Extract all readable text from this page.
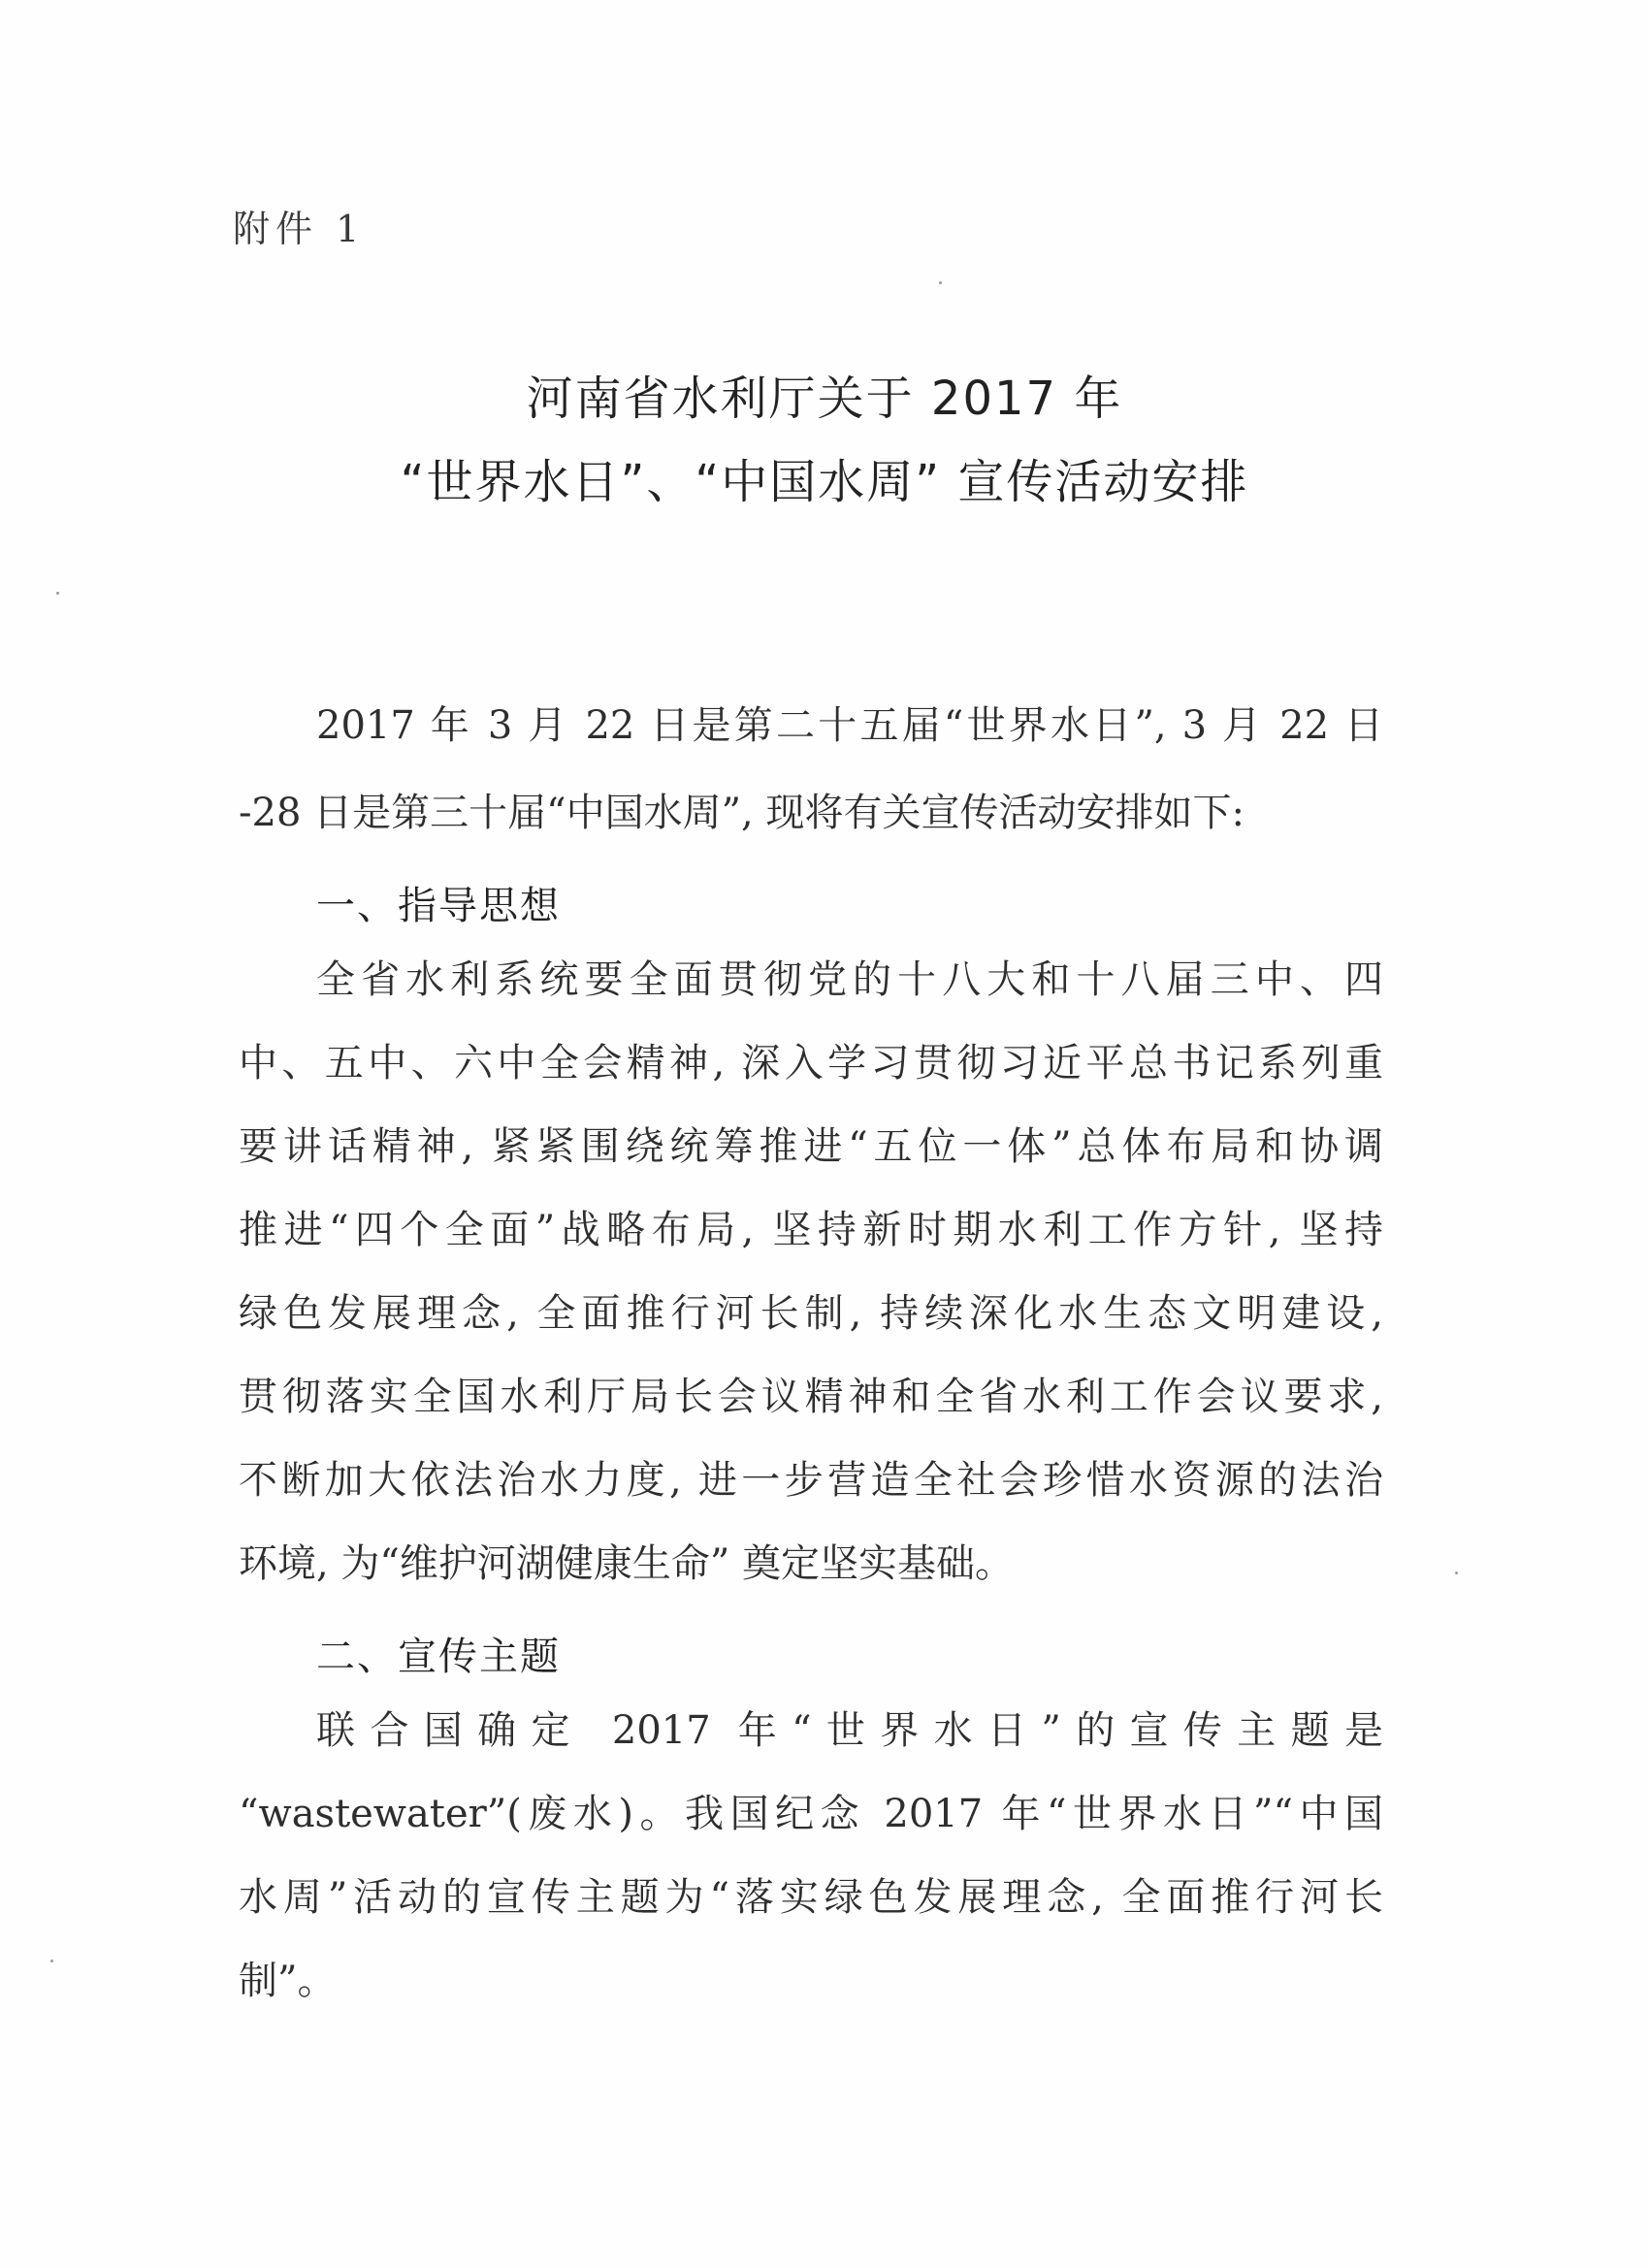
附件 1
河南省水利厅关于 2017 年
“世界水日”、“中国水周” 宣传活动安排
2017 年 3 月 22 日是第二十五届“世界水日”, 3 月 22 日
-28 日是第三十届“中国水周”, 现将有关宣传活动安排如下:
一、指导思想
全省水利系统要全面贯彻党的十八大和十八届三中、四
中、五中、六中全会精神, 深入学习贯彻习近平总书记系列重
要讲话精神, 紧紧围绕统筹推进“五位一体”总体布局和协调
推进“四个全面”战略布局, 坚持新时期水利工作方针, 坚持
绿色发展理念, 全面推行河长制, 持续深化水生态文明建设,
贯彻落实全国水利厅局长会议精神和全省水利工作会议要求,
不断加大依法治水力度, 进一步营造全社会珍惜水资源的法治
环境, 为“维护河湖健康生命” 奠定坚实基础。
二、宣传主题
联合国确定 2017 年“世界水日”的宣传主题是
“wastewater”(废水)。我国纪念 2017 年“世界水日”“中国
水周”活动的宣传主题为“落实绿色发展理念, 全面推行河长
制”。
